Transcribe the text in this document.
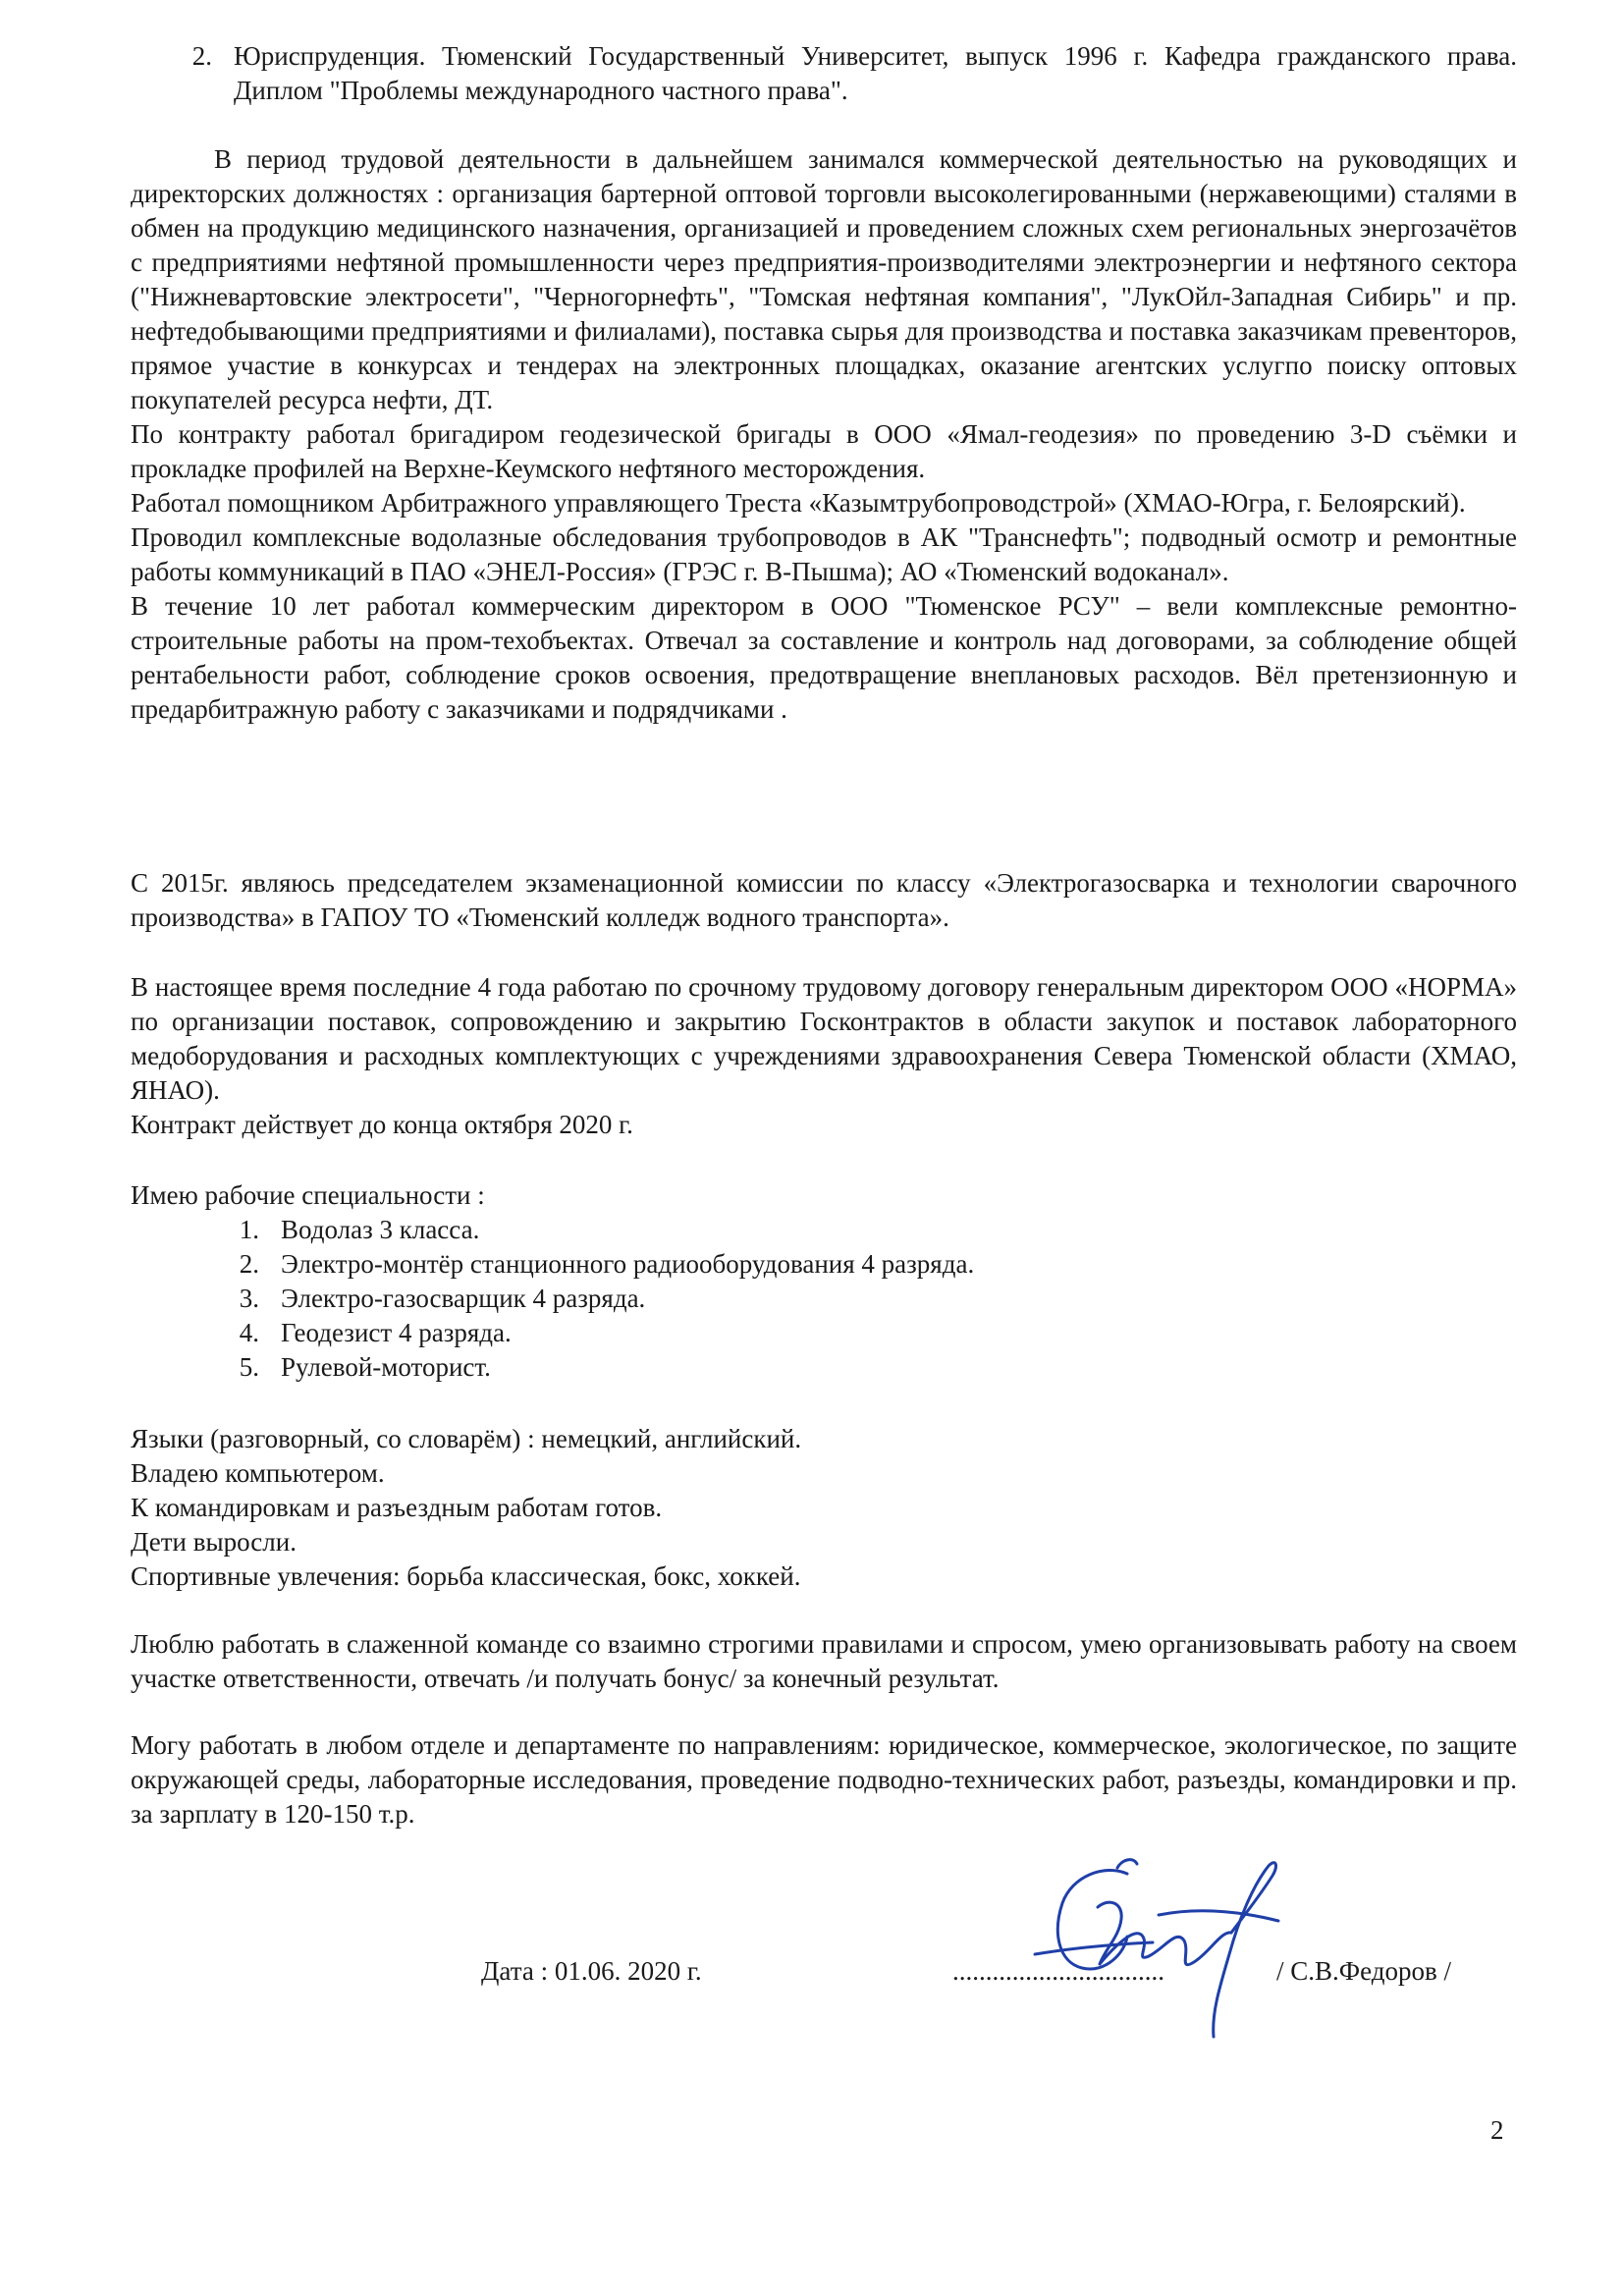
2. Юриспруденция. Тюменский Государственный Университет, выпуск 1996 г. Кафедра гражданского права. Диплом "Проблемы международного частного права".

В период трудовой деятельности в дальнейшем занимался коммерческой деятельностью на руководящих и директорских должностях : организация бартерной оптовой торговли высоколегированными (нержавеющими) сталями в обмен на продукцию медицинского назначения, организацией и проведением сложных схем региональных энергозачётов с предприятиями нефтяной промышленности через предприятия-производителями электроэнергии и нефтяного сектора ("Нижневартовские электросети", "Черногорнефть", "Томская нефтяная компания", "ЛукОйл-Западная Сибирь" и пр. нефтедобывающими предприятиями и филиалами), поставка сырья для производства и поставка заказчикам превенторов, прямое участие в конкурсах и тендерах на электронных площадках, оказание агентских услугпо поиску оптовых покупателей ресурса нефти, ДТ.

По контракту работал бригадиром геодезической бригады в ООО «Ямал-геодезия» по проведению 3-D съёмки и прокладке профилей на Верхне-Кеумского нефтяного месторождения.

Работал помощником Арбитражного управляющего Треста «Казымтрубопроводстрой» (ХМАО-Югра, г. Белоярский).

Проводил комплексные водолазные обследования трубопроводов в АК "Транснефть"; подводный осмотр и ремонтные работы коммуникаций в ПАО «ЭНЕЛ-Россия» (ГРЭС г. В-Пышма); АО «Тюменский водоканал».

В течение 10 лет работал коммерческим директором в ООО "Тюменское РСУ" – вели комплексные ремонтно-строительные работы на пром-техобъектах. Отвечал за составление и контроль над договорами, за соблюдение общей рентабельности работ, соблюдение сроков освоения, предотвращение внеплановых расходов. Вёл претензионную и предарбитражную работу с заказчиками и подрядчиками .

С 2015г. являюсь председателем экзаменационной комиссии по классу «Электрогазосварка и технологии сварочного производства» в ГАПОУ ТО «Тюменский колледж водного транспорта».

В настоящее время последние 4 года работаю по срочному трудовому договору генеральным директором ООО «НОРМА» по организации поставок, сопровождению и закрытию Госконтрактов в области закупок и поставок лабораторного медоборудования и расходных комплектующих с учреждениями здравоохранения Севера Тюменской области (ХМАО, ЯНАО).

Контракт действует до конца октября 2020 г.

Имею рабочие специальности :

1. Водолаз 3 класса.
2. Электро-монтёр станционного радиооборудования 4 разряда.
3. Электро-газосварщик 4 разряда.
4. Геодезист 4 разряда.
5. Рулевой-моторист.

Языки (разговорный, со словарём) : немецкий, английский.

Владею компьютером.

К командировкам и разъездным работам готов.

Дети выросли.

Спортивные увлечения: борьба классическая, бокс, хоккей.

Люблю работать в слаженной команде со взаимно строгими правилами и спросом, умею организовывать работу на своем участке ответственности, отвечать /и получать бонус/ за конечный результат.

Могу работать в любом отделе и департаменте по направлениям: юридическое, коммерческое, экологическое, по защите окружающей среды, лабораторные исследования, проведение подводно-технических работ, разъезды, командировки и пр. за зарплату в 120-150 т.р.

Дата : 01.06. 2020 г.	................................	/ С.В.Федоров /
2
